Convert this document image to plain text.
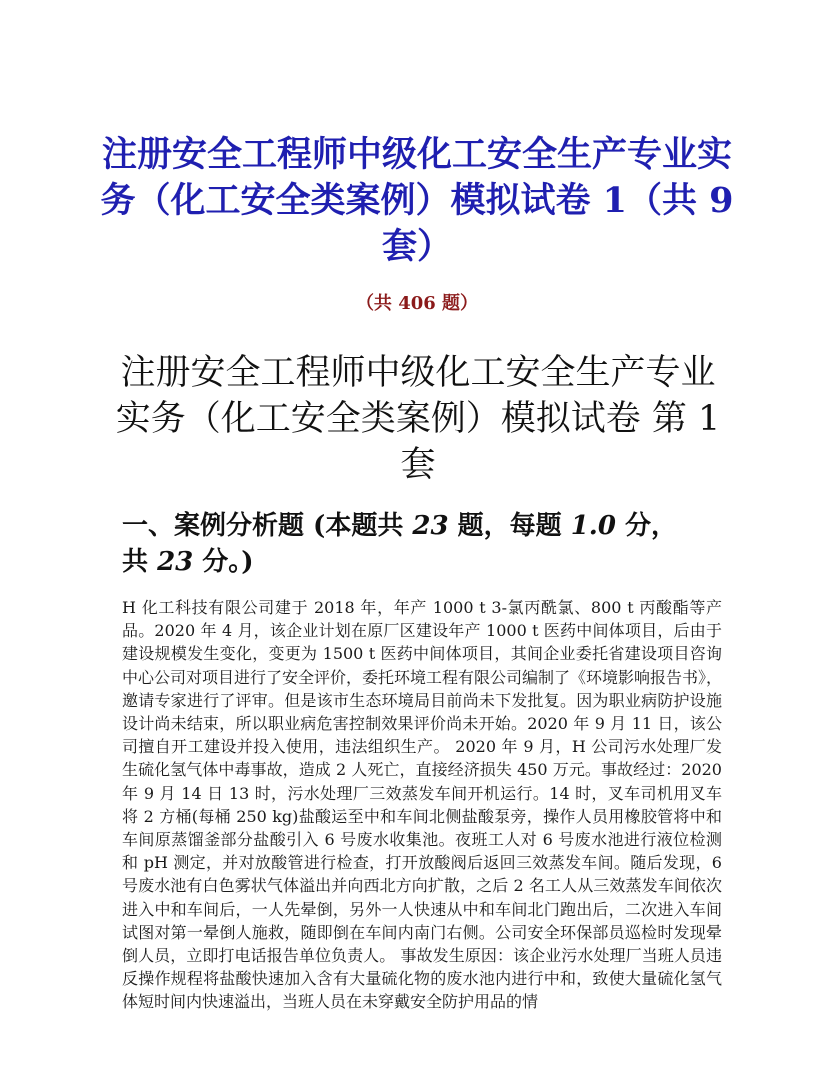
注册安全工程师中级化工安全生产专业实务（化工安全类案例）模拟试卷 1（共 9 套）
（共 406 题）
注册安全工程师中级化工安全生产专业实务（化工安全类案例）模拟试卷 第 1 套
一、案例分析题 (本题共 23 题，每题 1.0 分，共 23 分。)

H 化工科技有限公司建于 2018 年，年产 1000 t 3-氯丙酰氯、800 t 丙酸酯等产品。2020 年 4 月，该企业计划在原厂区建设年产 1000 t 医药中间体项目，后由于建设规模发生变化，变更为 1500 t 医药中间体项目，其间企业委托省建设项目咨询中心公司对项目进行了安全评价，委托环境工程有限公司编制了《环境影响报告书》，邀请专家进行了评审。但是该市生态环境局目前尚未下发批复。因为职业病防护设施设计尚未结束，所以职业病危害控制效果评价尚未开始。2020 年 9 月 11 日，该公司擅自开工建设并投入使用，违法组织生产。 2020 年 9 月，H 公司污水处理厂发生硫化氢气体中毒事故，造成 2 人死亡，直接经济损失 450 万元。事故经过：2020 年 9 月 14 日 13 时，污水处理厂三效蒸发车间开机运行。14 时，叉车司机用叉车将 2 方桶(每桶 250 kg)盐酸运至中和车间北侧盐酸泵旁，操作人员用橡胶管将中和车间原蒸馏釜部分盐酸引入 6 号废水收集池。夜班工人对 6 号废水池进行液位检测和 pH 测定，并对放酸管进行检查，打开放酸阀后返回三效蒸发车间。随后发现，6 号废水池有白色雾状气体溢出并向西北方向扩散，之后 2 名工人从三效蒸发车间依次进入中和车间后，一人先晕倒，另外一人快速从中和车间北门跑出后，二次进入车间试图对第一晕倒人施救，随即倒在车间内南门右侧。公司安全环保部员巡检时发现晕倒人员，立即打电话报告单位负责人。 事故发生原因：该企业污水处理厂当班人员违反操作规程将盐酸快速加入含有大量硫化物的废水池内进行中和，致使大量硫化氢气体短时间内快速溢出，当班人员在未穿戴安全防护用品的情
